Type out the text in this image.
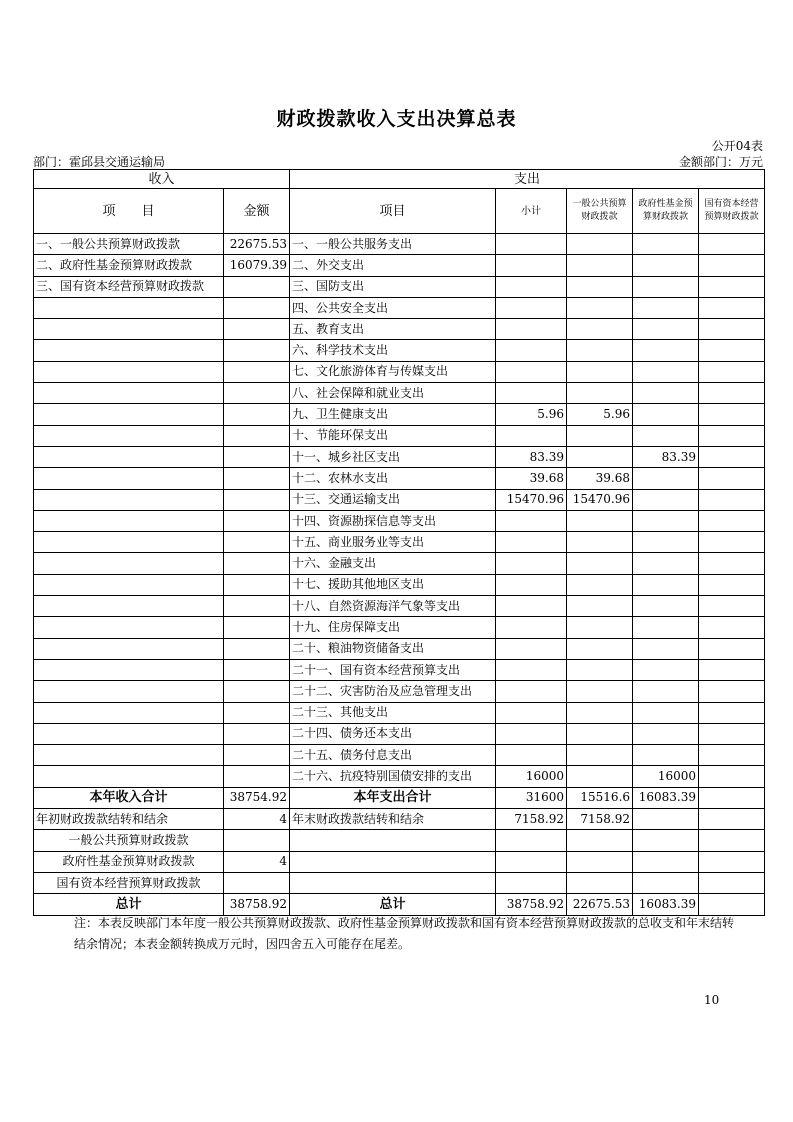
财政拨款收入支出决算总表
公开04表
部门：霍邱县交通运输局	金额部门：万元
收入		支出				
项　　目	金额	项目	小计	一般公共预算财政拨款	政府性基金预算财政拨款	国有资本经营预算财政拨款
一、一般公共预算财政拨款	22675.53	一、一般公共服务支出				
二、政府性基金预算财政拨款	16079.39	二、外交支出				
三、国有资本经营预算财政拨款		三、国防支出				
		四、公共安全支出				
		五、教育支出				
		六、科学技术支出				
		七、文化旅游体育与传媒支出				
		八、社会保障和就业支出				
		九、卫生健康支出	5.96	5.96		
		十、节能环保支出				
		十一、城乡社区支出	83.39		83.39	
		十二、农林水支出	39.68	39.68		
		十三、交通运输支出	15470.96	15470.96		
		十四、资源勘探信息等支出				
		十五、商业服务业等支出				
		十六、金融支出				
		十七、援助其他地区支出				
		十八、自然资源海洋气象等支出				
		十九、住房保障支出				
		二十、粮油物资储备支出				
		二十一、国有资本经营预算支出				
		二十二、灾害防治及应急管理支出				
		二十三、其他支出				
		二十四、债务还本支出				
		二十五、债务付息支出				
		二十六、抗疫特别国债安排的支出	16000		16000	
本年收入合计	38754.92	本年支出合计	31600	15516.6	16083.39	
年初财政拨款结转和结余	4	年末财政拨款结转和结余	7158.92	7158.92		
一般公共预算财政拨款						
政府性基金预算财政拨款	4					
国有资本经营预算财政拨款						
总计	38758.92	总计	38758.92	22675.53	16083.39	
注：本表反映部门本年度一般公共预算财政拨款、政府性基金预算财政拨款和国有资本经营预算财政拨款的总收支和年末结转结余情况；本表金额转换成万元时，因四舍五入可能存在尾差。
10
